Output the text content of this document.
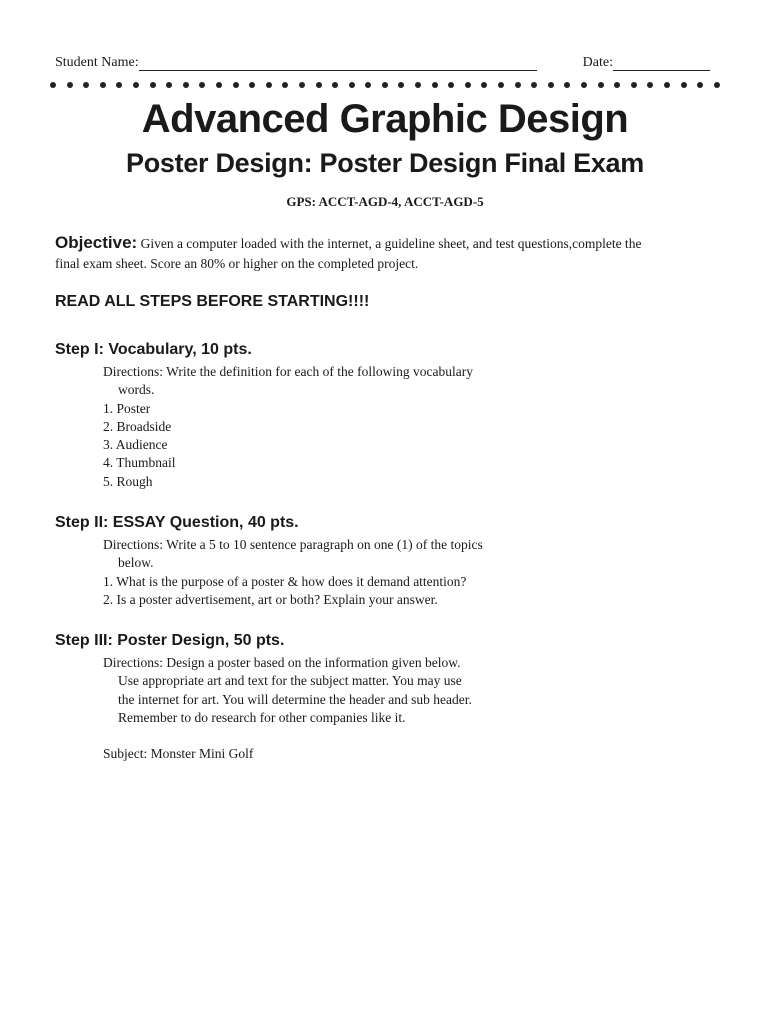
Student Name:	Date:
Advanced Graphic Design
Poster Design: Poster Design Final Exam
GPS: ACCT-AGD-4, ACCT-AGD-5
Objective: Given a computer loaded with the internet, a guideline sheet, and test questions,complete the
final exam sheet. Score an 80% or higher on the completed project.
READ ALL STEPS BEFORE STARTING!!!!
Step I: Vocabulary, 10 pts.
Directions: Write the definition for each of the following vocabulary
words.
1. Poster
2. Broadside
3. Audience
4. Thumbnail
5. Rough
Step II: ESSAY Question, 40 pts.
Directions: Write a 5 to 10 sentence paragraph on one (1) of the topics
below.
1. What is the purpose of a poster & how does it demand attention?
2. Is a poster advertisement, art or both? Explain your answer.
Step III: Poster Design, 50 pts.
Directions: Design a poster based on the information given below.
Use appropriate art and text for the subject matter. You may use
the internet for art. You will determine the header and sub header.
Remember to do research for other companies like it.
Subject: Monster Mini Golf
